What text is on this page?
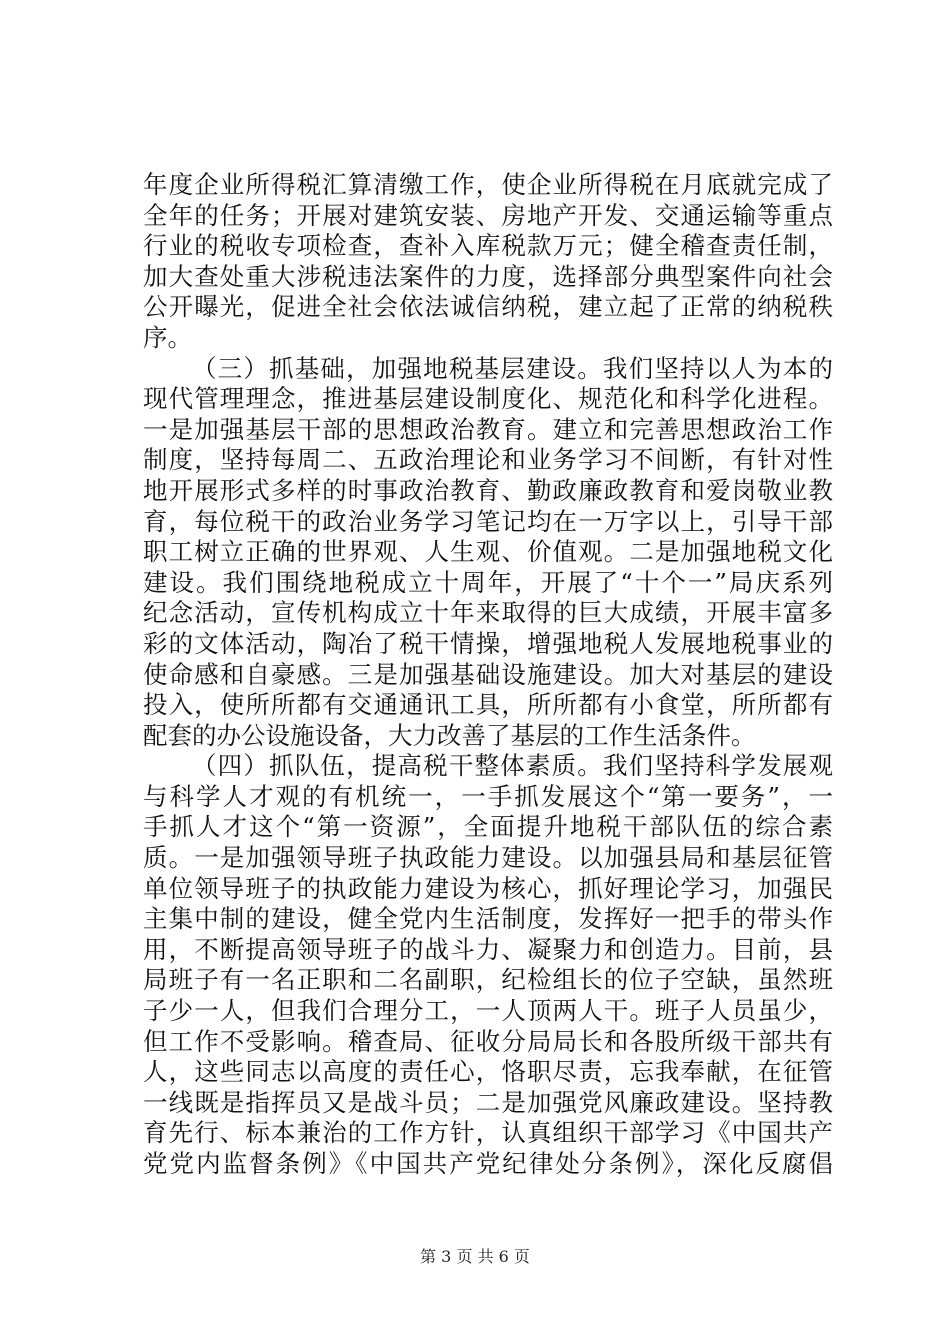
年度企业所得税汇算清缴工作，使企业所得税在月底就完成了
全年的任务；开展对建筑安装、房地产开发、交通运输等重点
行业的税收专项检查，查补入库税款万元；健全稽查责任制，
加大查处重大涉税违法案件的力度，选择部分典型案件向社会
公开曝光，促进全社会依法诚信纳税，建立起了正常的纳税秩
序。
（三）抓基础，加强地税基层建设。我们坚持以人为本的
现代管理理念，推进基层建设制度化、规范化和科学化进程。
一是加强基层干部的思想政治教育。建立和完善思想政治工作
制度，坚持每周二、五政治理论和业务学习不间断，有针对性
地开展形式多样的时事政治教育、勤政廉政教育和爱岗敬业教
育，每位税干的政治业务学习笔记均在一万字以上，引导干部
职工树立正确的世界观、人生观、价值观。二是加强地税文化
建设。我们围绕地税成立十周年，开展了“十个一”局庆系列
纪念活动，宣传机构成立十年来取得的巨大成绩，开展丰富多
彩的文体活动，陶冶了税干情操，增强地税人发展地税事业的
使命感和自豪感。三是加强基础设施建设。加大对基层的建设
投入，使所所都有交通通讯工具，所所都有小食堂，所所都有
配套的办公设施设备，大力改善了基层的工作生活条件。
（四）抓队伍，提高税干整体素质。我们坚持科学发展观
与科学人才观的有机统一，一手抓发展这个“第一要务”，一
手抓人才这个“第一资源”，全面提升地税干部队伍的综合素
质。一是加强领导班子执政能力建设。以加强县局和基层征管
单位领导班子的执政能力建设为核心，抓好理论学习，加强民
主集中制的建设，健全党内生活制度，发挥好一把手的带头作
用，不断提高领导班子的战斗力、凝聚力和创造力。目前，县
局班子有一名正职和二名副职，纪检组长的位子空缺，虽然班
子少一人，但我们合理分工，一人顶两人干。班子人员虽少，
但工作不受影响。稽查局、征收分局局长和各股所级干部共有
人，这些同志以高度的责任心，恪职尽责，忘我奉献，在征管
一线既是指挥员又是战斗员；二是加强党风廉政建设。坚持教
育先行、标本兼治的工作方针，认真组织干部学习《中国共产
党党内监督条例》《中国共产党纪律处分条例》，深化反腐倡
第 3 页 共 6 页
